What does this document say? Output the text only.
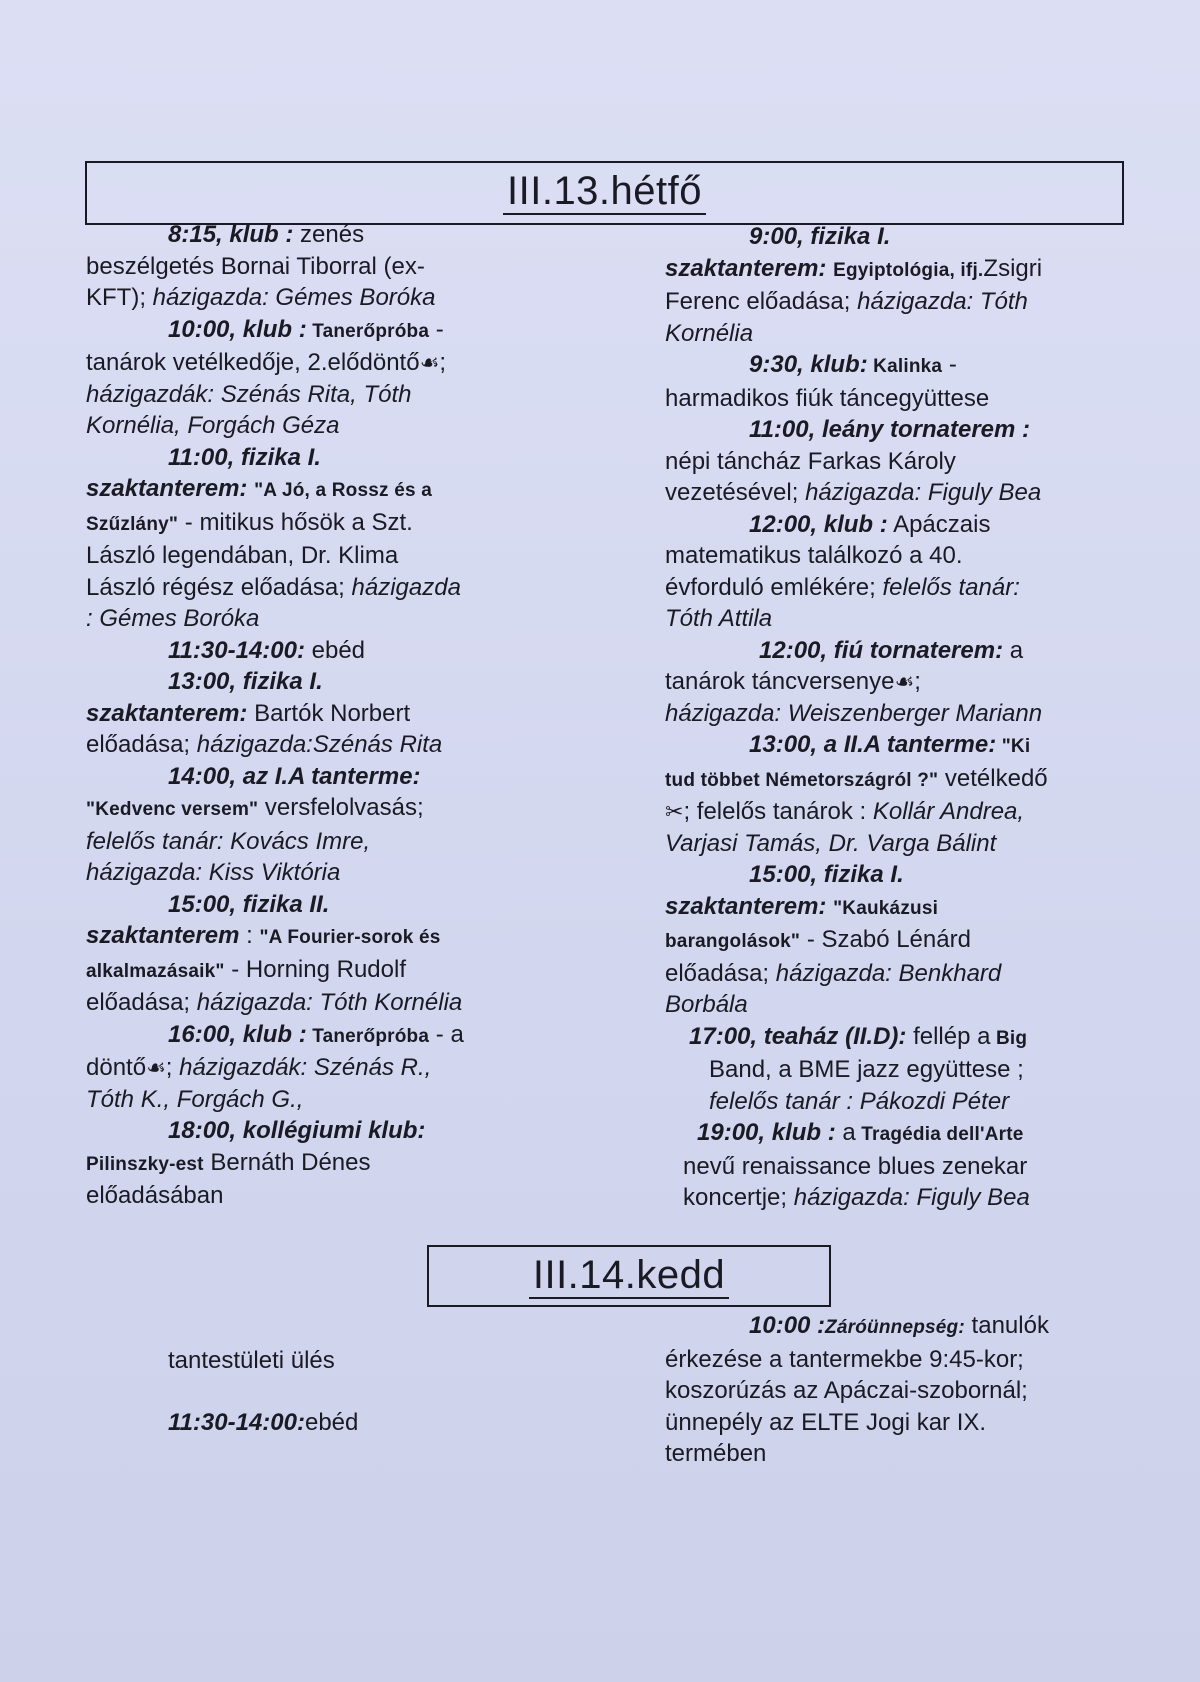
III.13.hétfő

8:15, klub : zenés

beszélgetés Bornai Tiborral (ex-

KFT); házigazda: Gémes Boróka

10:00, klub : Tanerőpróba -

tanárok vetélkedője, 2.elődöntő☙;

házigazdák: Szénás Rita, Tóth

Kornélia, Forgách Géza

11:00, fizika I.

szaktanterem: "A Jó, a Rossz és a

Szűzlány" - mitikus hősök a Szt.

László legendában, Dr. Klima

László régész előadása; házigazda

: Gémes Boróka

11:30-14:00: ebéd

13:00, fizika I.

szaktanterem: Bartók Norbert

előadása; házigazda:Szénás Rita

14:00, az I.A tanterme:

"Kedvenc versem" versfelolvasás;

felelős tanár: Kovács Imre,

házigazda: Kiss Viktória

15:00, fizika II.

szaktanterem : "A Fourier-sorok és

alkalmazásaik" - Horning Rudolf

előadása; házigazda: Tóth Kornélia

16:00, klub : Tanerőpróba - a

döntő☙; házigazdák: Szénás R.,

Tóth K., Forgách G.,

18:00, kollégiumi klub:

Pilinszky-est Bernáth Dénes

előadásában

9:00, fizika I.

szaktanterem: Egyiptológia, ifj.Zsigri

Ferenc előadása; házigazda: Tóth

Kornélia

9:30, klub: Kalinka -

harmadikos fiúk táncegyüttese

11:00, leány tornaterem :

népi táncház Farkas Károly

vezetésével; házigazda: Figuly Bea

12:00, klub : Apáczais

matematikus találkozó a 40.

évforduló emlékére; felelős tanár:

Tóth Attila

12:00, fiú tornaterem: a

tanárok táncversenye☙;

házigazda: Weiszenberger Mariann

13:00, a II.A tanterme: "Ki

tud többet Németországról ?" vetélkedő

✂; felelős tanárok : Kollár Andrea,

Varjasi Tamás, Dr. Varga Bálint

15:00, fizika I.

szaktanterem: "Kaukázusi

barangolások" - Szabó Lénárd

előadása; házigazda: Benkhard

Borbála

17:00, teaház (II.D): fellép a Big

Band, a BME jazz együttese ;

felelős tanár : Pákozdi Péter

19:00, klub : a Tragédia dell'Arte

nevű renaissance blues zenekar

koncertje; házigazda: Figuly Bea

III.14.kedd

tantestületi ülés

11:30-14:00:ebéd

10:00 :Záróünnepség: tanulók

érkezése a tantermekbe 9:45-kor;

koszorúzás az Apáczai-szobornál;

ünnepély az ELTE Jogi kar IX.

termében
